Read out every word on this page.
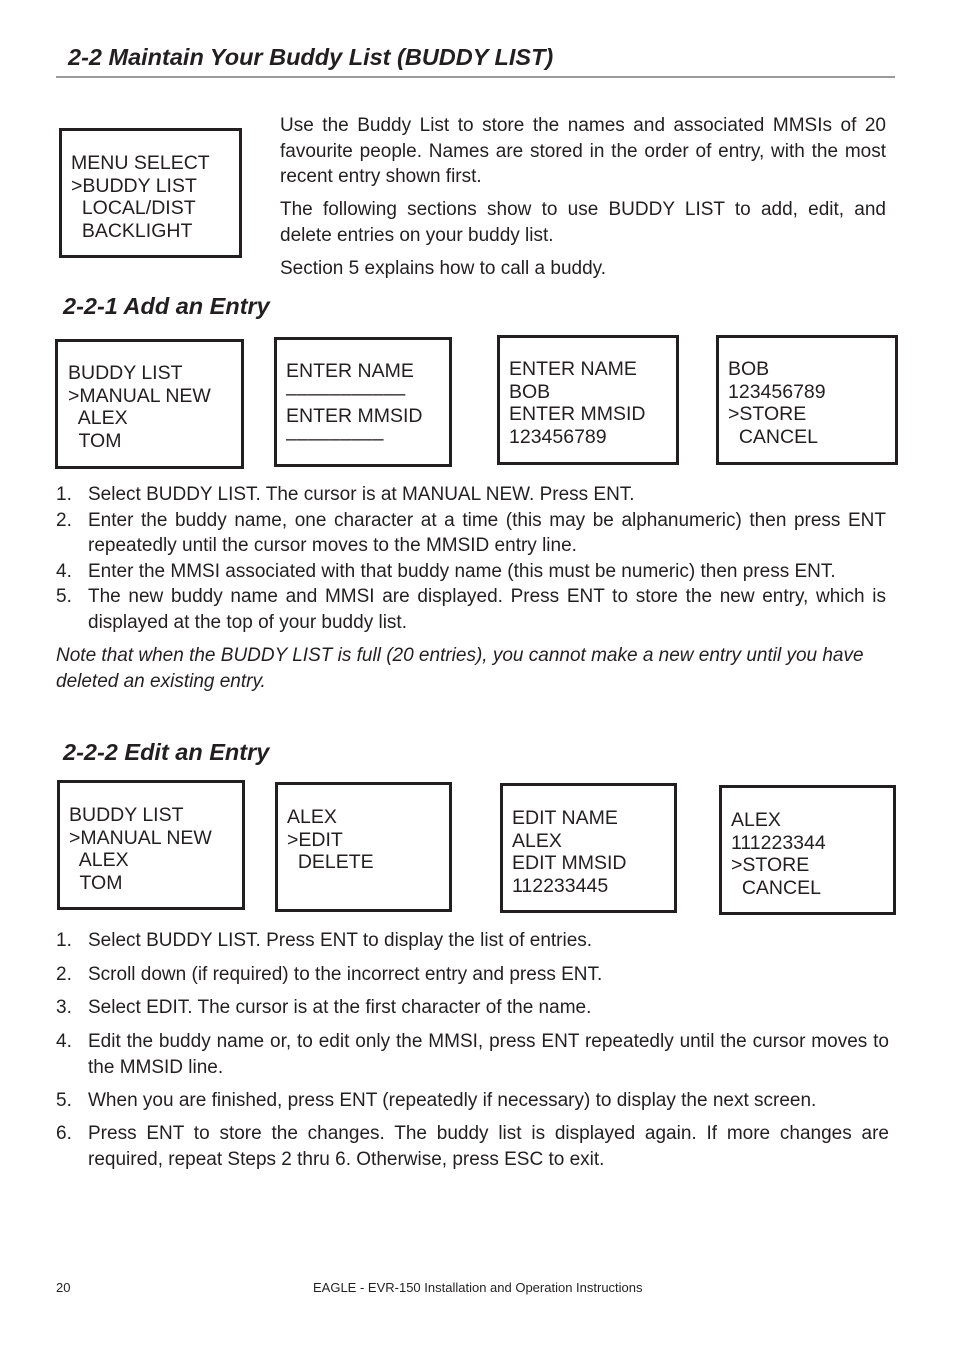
2-2 Maintain Your Buddy List (BUDDY LIST)
MENU SELECT
>BUDDY LIST
LOCAL/DIST
BACKLIGHT

Use the Buddy List to store the names and associated MMSIs of 20 favourite people. Names are stored in the order of entry, with the most recent entry shown first.

The following sections show to use BUDDY LIST to add, edit, and delete entries on your buddy list.

Section 5 explains how to call a buddy.

2-2-1 Add an Entry
BUDDY LIST
>MANUAL NEW
ALEX
TOM
ENTER NAME
–––––––––––
ENTER MMSID
–––––––––
ENTER NAME
BOB
ENTER MMSID
123456789
BOB
123456789
>STORE
CANCEL
1. Select BUDDY LIST. The cursor is at MANUAL NEW. Press ENT.
2. Enter the buddy name, one character at a time (this may be alphanumeric) then press ENT repeatedly until the cursor moves to the MMSID entry line.
4. Enter the MMSI associated with that buddy name (this must be numeric) then press ENT.
5. The new buddy name and MMSI are displayed. Press ENT to store the new entry, which is displayed at the top of your buddy list.

Note that when the BUDDY LIST is full (20 entries), you cannot make a new entry until you have deleted an existing entry.

2-2-2 Edit an Entry
BUDDY LIST
>MANUAL NEW
ALEX
TOM
ALEX
>EDIT
DELETE
EDIT NAME
ALEX
EDIT MMSID
112233445
ALEX
111223344
>STORE
CANCEL
1. Select BUDDY LIST. Press ENT to display the list of entries.
2. Scroll down (if required) to the incorrect entry and press ENT.
3. Select EDIT. The cursor is at the first character of the name.
4. Edit the buddy name or, to edit only the MMSI, press ENT repeatedly until the cursor moves to the MMSID line.
5. When you are finished, press ENT (repeatedly if necessary) to display the next screen.
6. Press ENT to store the changes. The buddy list is displayed again. If more changes are required, repeat Steps 2 thru 6. Otherwise, press ESC to exit.
20	EAGLE - EVR-150 Installation and Operation Instructions
